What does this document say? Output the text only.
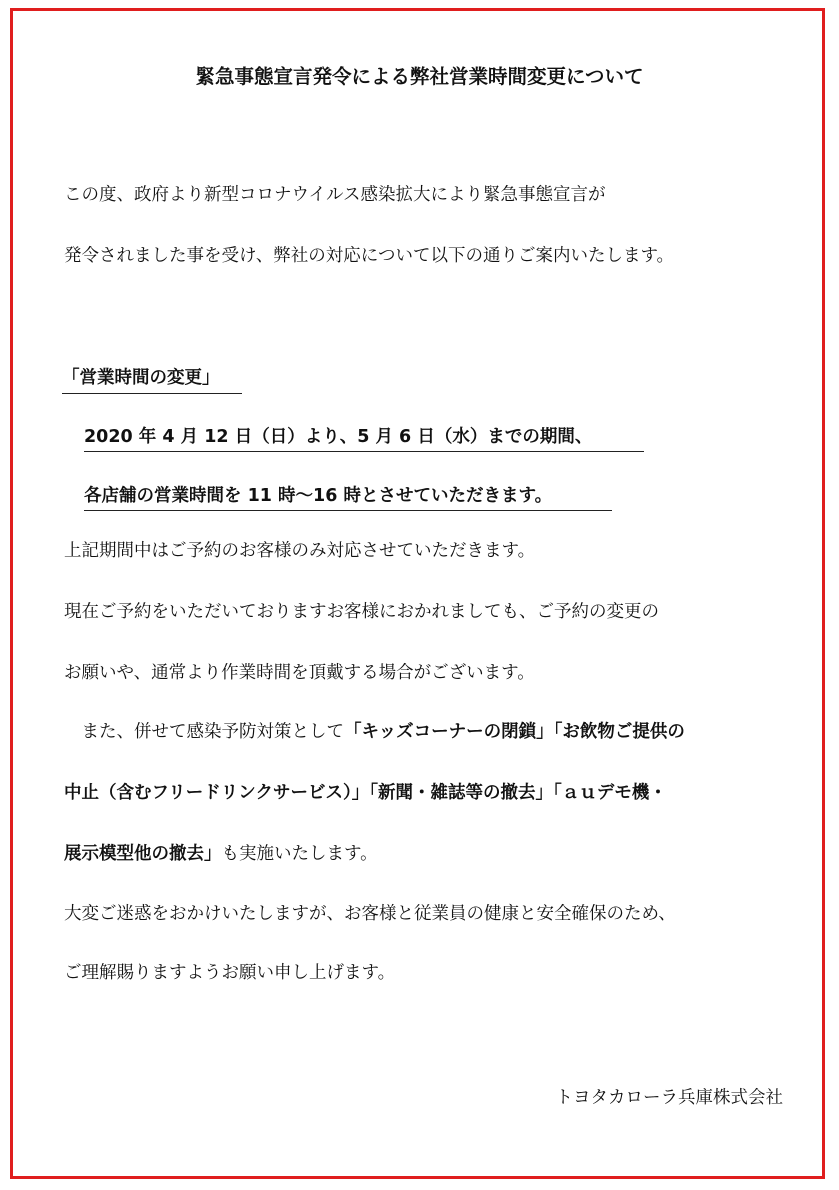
緊急事態宣言発令による弊社営業時間変更について
この度、政府より新型コロナウイルス感染拡大により緊急事態宣言が
発令されました事を受け、弊社の対応について以下の通りご案内いたします。
「営業時間の変更」
2020 年 4 月 12 日（日）より、5 月 6 日（水）までの期間、
各店舗の営業時間を 11 時～16 時とさせていただきます。
上記期間中はご予約のお客様のみ対応させていただきます。
現在ご予約をいただいておりますお客様におかれましても、ご予約の変更の
お願いや、通常より作業時間を頂戴する場合がございます。
　また、併せて感染予防対策として「キッズコーナーの閉鎖」「お飲物ご提供の
中止（含むフリードリンクサービス）」「新聞・雑誌等の撤去」「ａｕデモ機・
展示模型他の撤去」も実施いたします。
大変ご迷惑をおかけいたしますが、お客様と従業員の健康と安全確保のため、
ご理解賜りますようお願い申し上げます。
トヨタカローラ兵庫株式会社
